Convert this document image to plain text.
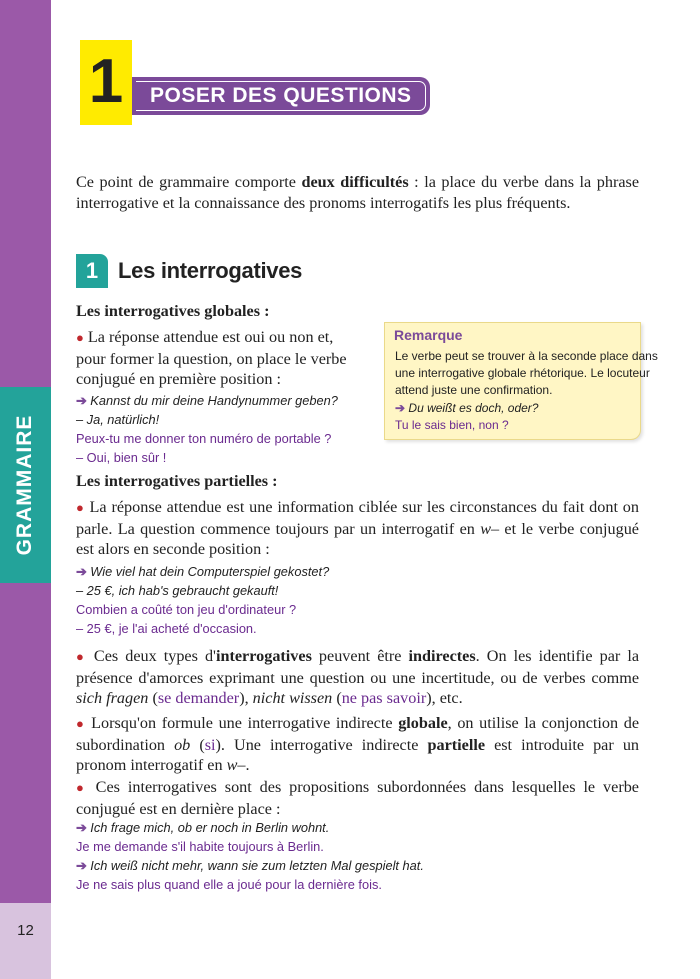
GRAMMAIRE
12
1	POSER DES QUESTIONS
Ce point de grammaire comporte deux difficultés : la place du verbe dans la phrase interrogative et la connaissance des pronoms interrogatifs les plus fréquents.
1 Les interrogatives
Les interrogatives globales :
● La réponse attendue est oui ou non et,
pour former la question, on place le verbe
conjugué en première position :
➔ Kannst du mir deine Handynummer geben?
– Ja, natürlich!
Peux-tu me donner ton numéro de portable ?
– Oui, bien sûr !
Remarque
Le verbe peut se trouver à la seconde place dans
une interrogative globale rhétorique. Le locuteur
attend juste une confirmation.
➔ Du weißt es doch, oder?
Tu le sais bien, non ?
Les interrogatives partielles :
● La réponse attendue est une information ciblée sur les circonstances du fait dont on parle. La question commence toujours par un interrogatif en w– et le verbe conjugué est alors en seconde position :
➔ Wie viel hat dein Computerspiel gekostet?
– 25 €, ich hab's gebraucht gekauft!
Combien a coûté ton jeu d'ordinateur ?
– 25 €, je l'ai acheté d'occasion.
● Ces deux types d'interrogatives peuvent être indirectes. On les identifie par la présence d'amorces exprimant une question ou une incertitude, ou de verbes comme sich fragen (se demander), nicht wissen (ne pas savoir), etc.
● Lorsqu'on formule une interrogative indirecte globale, on utilise la conjonction de subordination ob (si). Une interrogative indirecte partielle est introduite par un pronom interrogatif en w–.
● Ces interrogatives sont des propositions subordonnées dans lesquelles le verbe conjugué est en dernière place :
➔ Ich frage mich, ob er noch in Berlin wohnt.
Je me demande s'il habite toujours à Berlin.
➔ Ich weiß nicht mehr, wann sie zum letzten Mal gespielt hat.
Je ne sais plus quand elle a joué pour la dernière fois.
